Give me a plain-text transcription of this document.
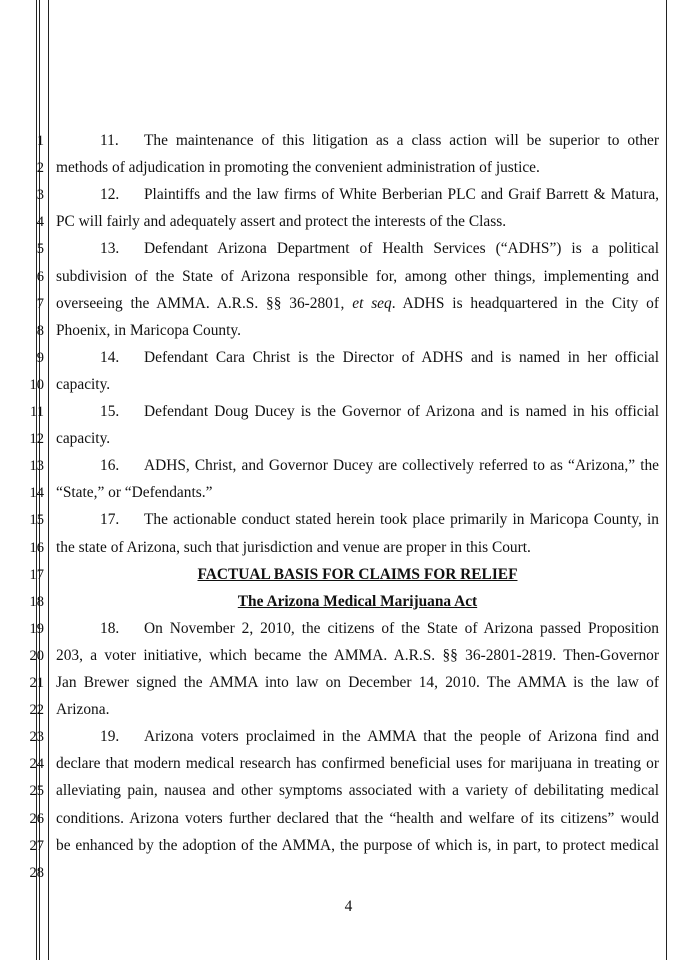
1
2
3
4
5
6
7
8
9
10
11
12
13
14
15
16
17
18
19
20
21
22
23
24
25
26
27
28
11. The maintenance of this litigation as a class action will be superior to other
methods of adjudication in promoting the convenient administration of justice.
12. Plaintiffs and the law firms of White Berberian PLC and Graif Barrett & Matura,
PC will fairly and adequately assert and protect the interests of the Class.
13. Defendant Arizona Department of Health Services (“ADHS”) is a political
subdivision of the State of Arizona responsible for, among other things, implementing and
overseeing the AMMA. A.R.S. §§ 36-2801, et seq. ADHS is headquartered in the City of
Phoenix, in Maricopa County.
14. Defendant Cara Christ is the Director of ADHS and is named in her official
capacity.
15. Defendant Doug Ducey is the Governor of Arizona and is named in his official
capacity.
16. ADHS, Christ, and Governor Ducey are collectively referred to as “Arizona,” the
“State,” or “Defendants.”
17. The actionable conduct stated herein took place primarily in Maricopa County, in
the state of Arizona, such that jurisdiction and venue are proper in this Court.
FACTUAL BASIS FOR CLAIMS FOR RELIEF
The Arizona Medical Marijuana Act
18. On November 2, 2010, the citizens of the State of Arizona passed Proposition
203, a voter initiative, which became the AMMA. A.R.S. §§ 36-2801-2819. Then-Governor
Jan Brewer signed the AMMA into law on December 14, 2010. The AMMA is the law of
Arizona.
19. Arizona voters proclaimed in the AMMA that the people of Arizona find and
declare that modern medical research has confirmed beneficial uses for marijuana in treating or
alleviating pain, nausea and other symptoms associated with a variety of debilitating medical
conditions. Arizona voters further declared that the “health and welfare of its citizens” would
be enhanced by the adoption of the AMMA, the purpose of which is, in part, to protect medical
4
